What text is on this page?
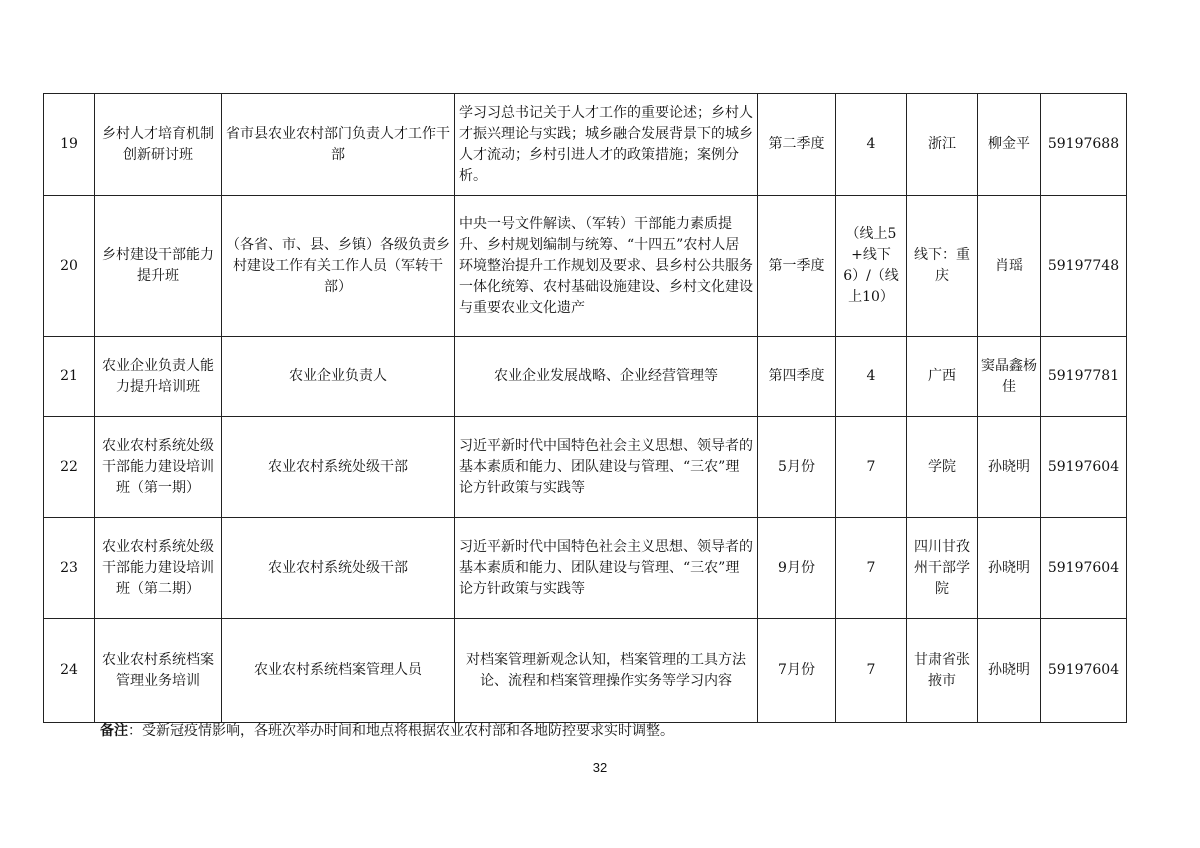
19	乡村人才培育机制创新研讨班	省市县农业农村部门负责人才工作干部	学习习总书记关于人才工作的重要论述；乡村人才振兴理论与实践；城乡融合发展背景下的城乡人才流动；乡村引进人才的政策措施；案例分析。	第二季度	4	浙江	柳金平	59197688
20	乡村建设干部能力提升班	（各省、市、县、乡镇）各级负责乡村建设工作有关工作人员（军转干部）	中央一号文件解读、（军转）干部能力素质提升、乡村规划编制与统筹、“十四五”农村人居环境整治提升工作规划及要求、县乡村公共服务一体化统筹、农村基础设施建设、乡村文化建设与重要农业文化遗产	第一季度	（线上5+线下6）/（线上10）	线下：重庆	肖瑶	59197748
21	农业企业负责人能力提升培训班	农业企业负责人	农业企业发展战略、企业经营管理等	第四季度	4	广西	窦晶鑫杨佳	59197781
22	农业农村系统处级干部能力建设培训班（第一期）	农业农村系统处级干部	习近平新时代中国特色社会主义思想、领导者的基本素质和能力、团队建设与管理、“三农”理论方针政策与实践等	5月份	7	学院	孙晓明	59197604
23	农业农村系统处级干部能力建设培训班（第二期）	农业农村系统处级干部	习近平新时代中国特色社会主义思想、领导者的基本素质和能力、团队建设与管理、“三农”理论方针政策与实践等	9月份	7	四川甘孜州干部学院	孙晓明	59197604
24	农业农村系统档案管理业务培训	农业农村系统档案管理人员	对档案管理新观念认知，档案管理的工具方法论、流程和档案管理操作实务等学习内容	7月份	7	甘肃省张掖市	孙晓明	59197604
备注：受新冠疫情影响，各班次举办时间和地点将根据农业农村部和各地防控要求实时调整。
32
